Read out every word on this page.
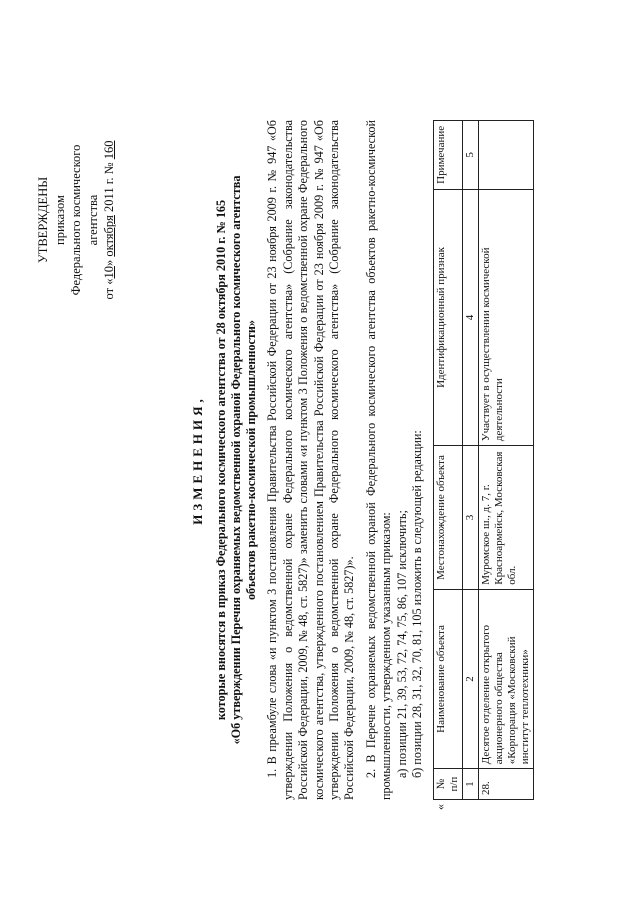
УТВЕРЖДЕНЫ приказом Федерального космического агентства
от «10» октября 2011 г. № 160
ИЗМЕНЕНИЯ, которые вносятся в приказ Федерального космического агентства от 28 октября 2010 г. № 165 «Об утверждении Перечня охраняемых ведомственной охраной Федерального космического агентства объектов ракетно-космической промышленности» 1. В преамбуле слова «и пунктом 3 постановления Правительства Российской Федерации от 23 ноября 2009 г. № 947 «Об утверждении Положения о ведомственной охране Федерального космического агентства» (Собрание законодательства Российской Федерации, 2009, № 48, ст. 5827)» заменить словами «и пунктом 3 Положения о ведомственной охране Федерального космического агентства, утвержденного постановлением Правительства Российской Федерации от 23 ноября 2009 г. № 947 «Об утверждении Положения о ведомственной охране Федерального космического агентства» (Собрание законодательства Российской Федерации, 2009, № 48, ст. 5827)». 2. В Перечне охраняемых ведомственной охраной Федерального космического агентства объектов ракетно-космической промышленности, утвержденном указанным приказом: а) позиции 21, 39, 53, 72, 74, 75, 86, 107 исключить; б) позиции 28, 31, 32, 70, 81, 105 изложить в следующей редакции:

«
№ п/п	Наименование объекта	Местонахождение объекта	Идентификационный признак	Примечание
1	2	3	4	5
28.	Десятое отделение открытого акционерного общества «Корпорация «Московский институт теплотехники»	Муромское ш., д. 7, г. Красноармейск, Московская обл.	Участвует в осуществлении космической деятельности	
